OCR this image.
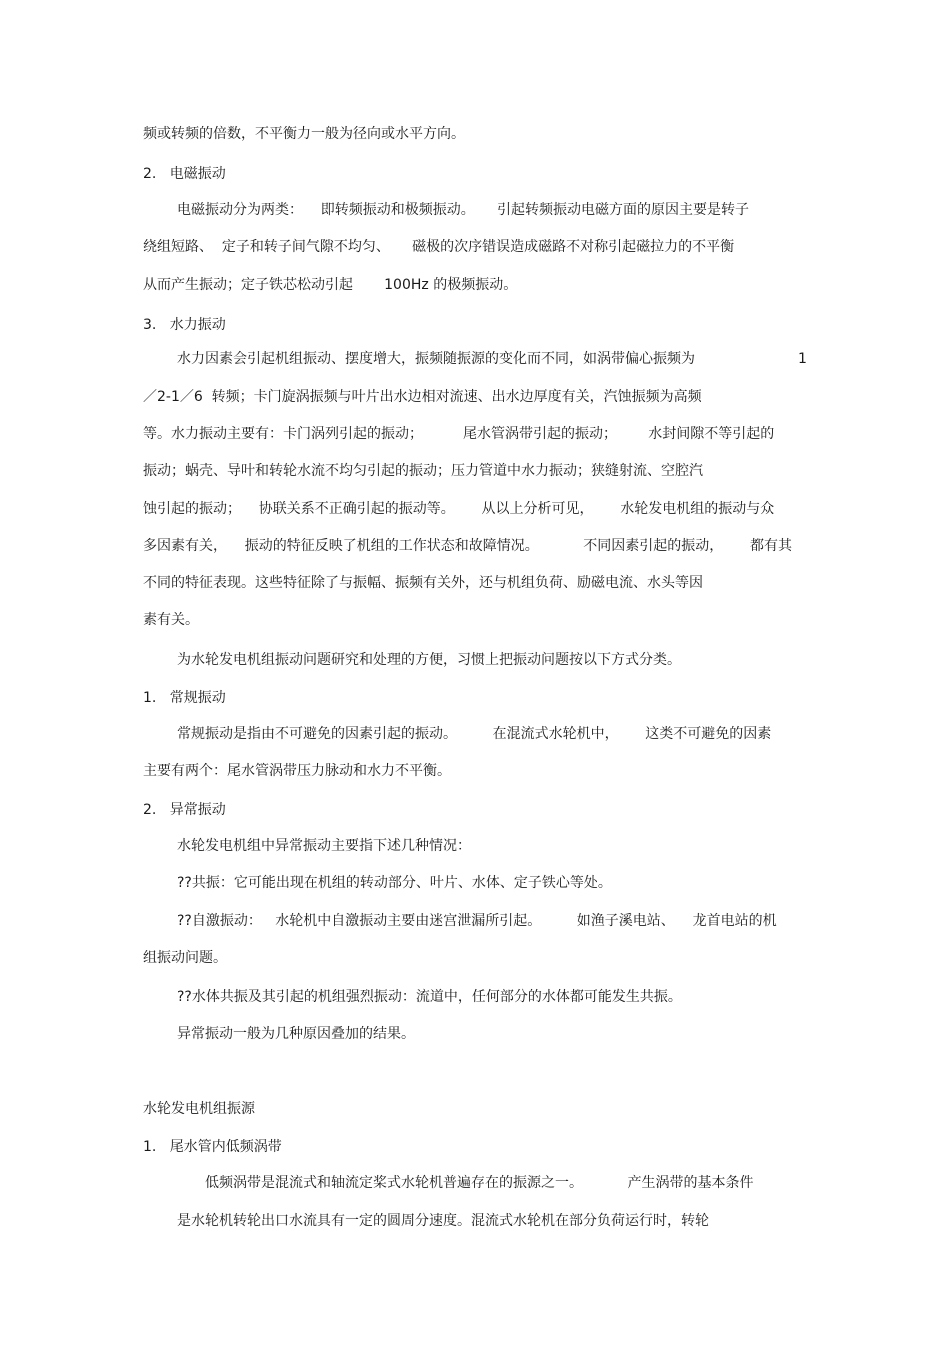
频或转频的倍数，不平衡力一般为径向或水平方向。
2.   电磁振动
电磁振动分为两类：    即转频振动和极频振动。     引起转频振动电磁方面的原因主要是转子
绕组短路、  定子和转子间气隙不均匀、     磁极的次序错误造成磁路不对称引起磁拉力的不平衡
从而产生振动；定子铁芯松动引起       100Hz 的极频振动。
3.   水力振动
水力因素会引起机组振动、摆度增大，振频随振源的变化而不同，如涡带偏心振频为	1
／2-1／6  转频；卡门旋涡振频与叶片出水边相对流速、出水边厚度有关，汽蚀振频为高频
等。水力振动主要有：卡门涡列引起的振动；         尾水管涡带引起的振动；       水封间隙不等引起的
振动；蜗壳、导叶和转轮水流不均匀引起的振动；压力管道中水力振动；狭缝射流、空腔汽
蚀引起的振动；    协联关系不正确引起的振动等。      从以上分析可见，      水轮发电机组的振动与众
多因素有关，    振动的特征反映了机组的工作状态和故障情况。          不同因素引起的振动，      都有其
不同的特征表现。这些特征除了与振幅、振频有关外，还与机组负荷、励磁电流、水头等因
素有关。
为水轮发电机组振动问题研究和处理的方便，习惯上把振动问题按以下方式分类。
1.   常规振动
常规振动是指由不可避免的因素引起的振动。        在混流式水轮机中，      这类不可避免的因素
主要有两个：尾水管涡带压力脉动和水力不平衡。
2.   异常振动
水轮发电机组中异常振动主要指下述几种情况：
??共振：它可能出现在机组的转动部分、叶片、水体、定子铁心等处。
??自激振动：   水轮机中自激振动主要由迷宫泄漏所引起。        如渔子溪电站、    龙首电站的机
组振动问题。
??水体共振及其引起的机组强烈振动：流道中，任何部分的水体都可能发生共振。
异常振动一般为几种原因叠加的结果。
水轮发电机组振源
1.   尾水管内低频涡带
低频涡带是混流式和轴流定桨式水轮机普遍存在的振源之一。          产生涡带的基本条件
是水轮机转轮出口水流具有一定的圆周分速度。混流式水轮机在部分负荷运行时，转轮
